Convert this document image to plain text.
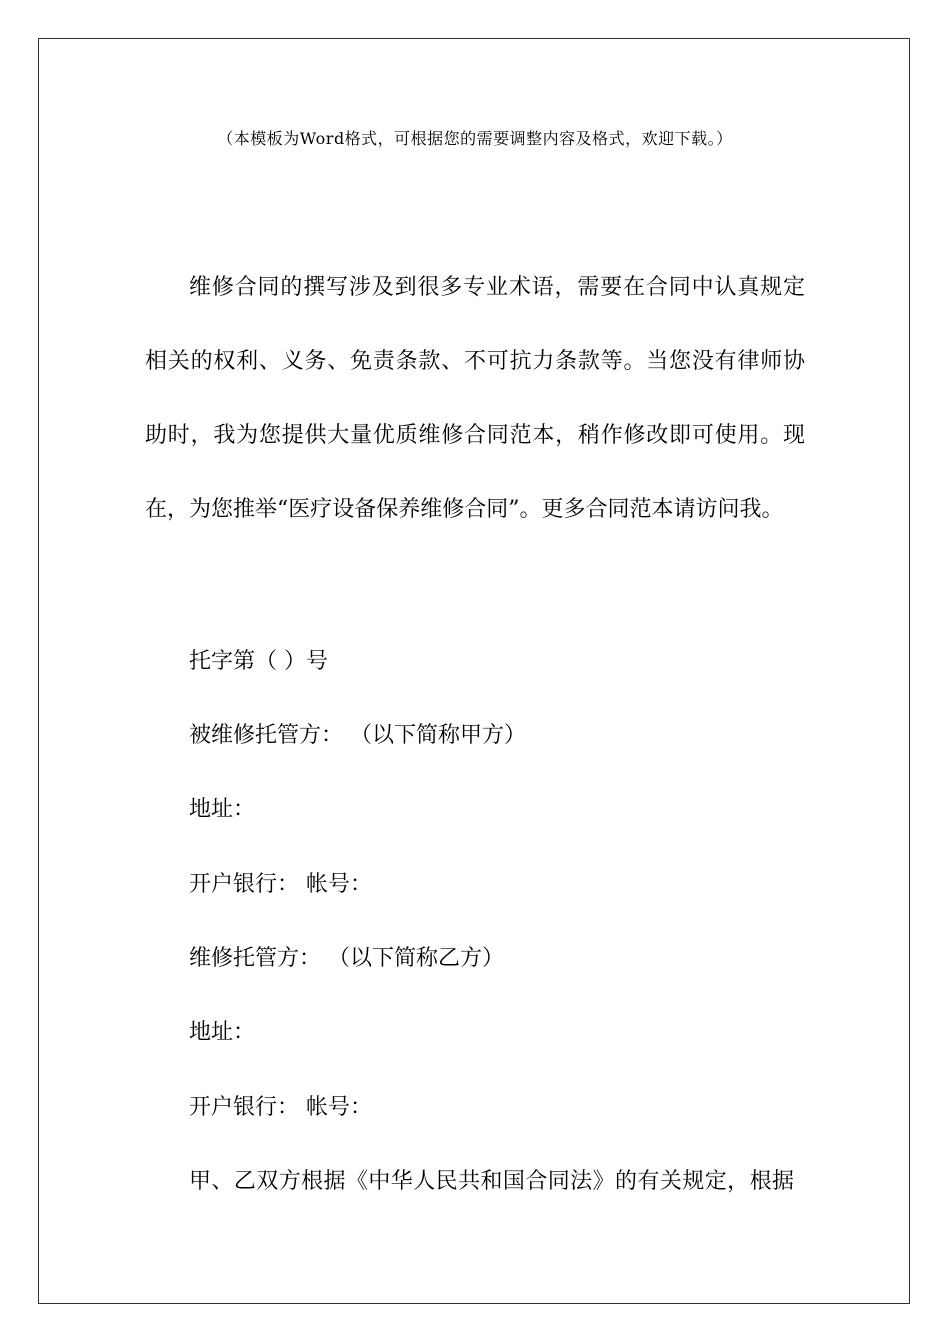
（本模板为Word格式，可根据您的需要调整内容及格式，欢迎下载。）
维修合同的撰写涉及到很多专业术语，需要在合同中认真规定
相关的权利、义务、免责条款、不可抗力条款等。当您没有律师协
助时，我为您提供大量优质维修合同范本，稍作修改即可使用。现
在，为您推举“医疗设备保养维修合同”。更多合同范本请访问我。
托字第（ ）号
被维修托管方： （以下简称甲方）
地址：
开户银行： 帐号：
维修托管方： （以下简称乙方）
地址：
开户银行： 帐号：
甲、乙双方根据《中华人民共和国合同法》的有关规定，根据
